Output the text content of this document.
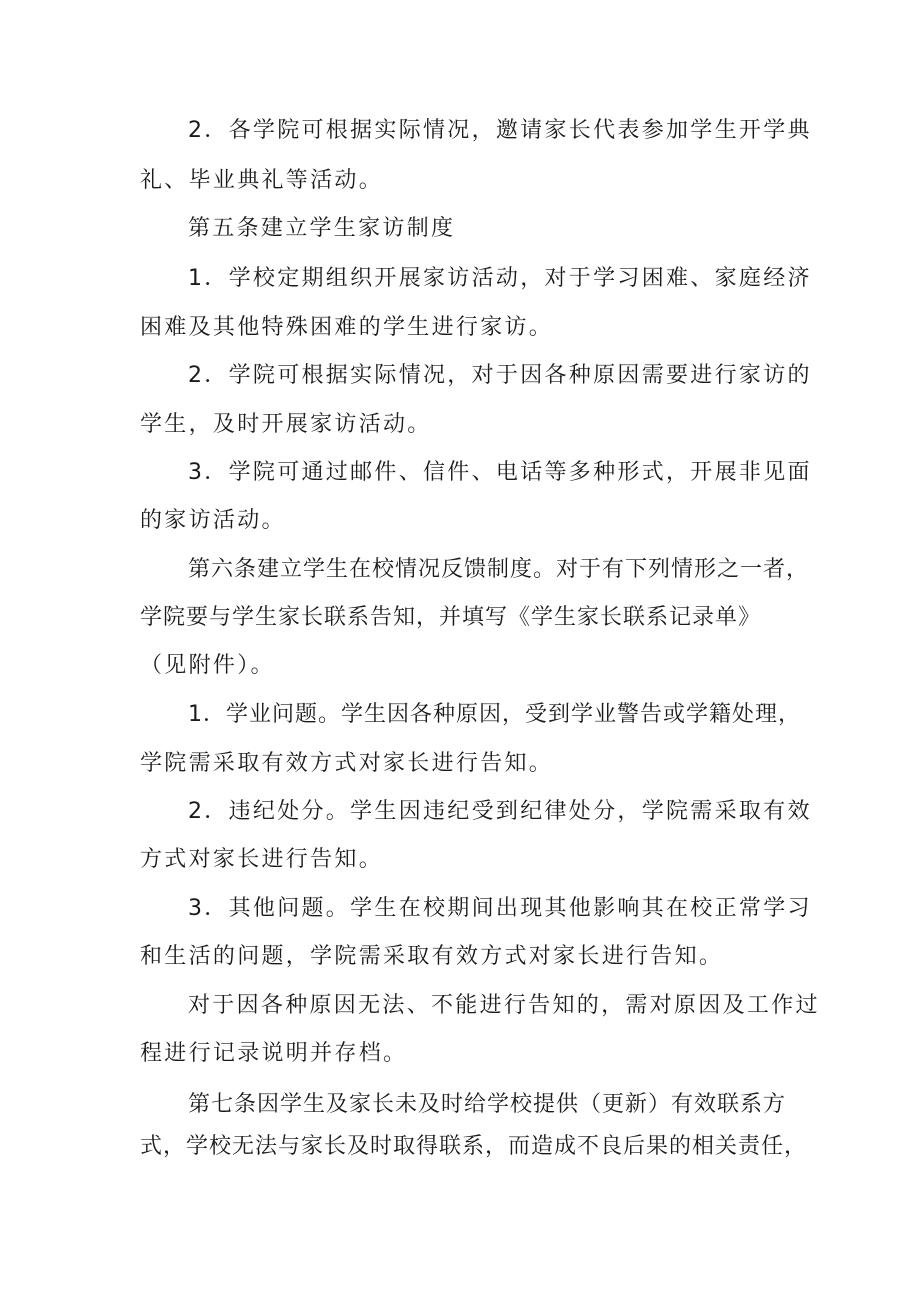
2．各学院可根据实际情况，邀请家长代表参加学生开学典

礼、毕业典礼等活动。

第五条建立学生家访制度

1．学校定期组织开展家访活动，对于学习困难、家庭经济

困难及其他特殊困难的学生进行家访。

2．学院可根据实际情况，对于因各种原因需要进行家访的

学生，及时开展家访活动。

3．学院可通过邮件、信件、电话等多种形式，开展非见面

的家访活动。

第六条建立学生在校情况反馈制度。对于有下列情形之一者，

学院要与学生家长联系告知，并填写《学生家长联系记录单》

（见附件）。

1．学业问题。学生因各种原因，受到学业警告或学籍处理，

学院需采取有效方式对家长进行告知。

2．违纪处分。学生因违纪受到纪律处分，学院需采取有效

方式对家长进行告知。

3．其他问题。学生在校期间出现其他影响其在校正常学习

和生活的问题，学院需采取有效方式对家长进行告知。

对于因各种原因无法、不能进行告知的，需对原因及工作过

程进行记录说明并存档。

第七条因学生及家长未及时给学校提供（更新）有效联系方

式，学校无法与家长及时取得联系，而造成不良后果的相关责任，
